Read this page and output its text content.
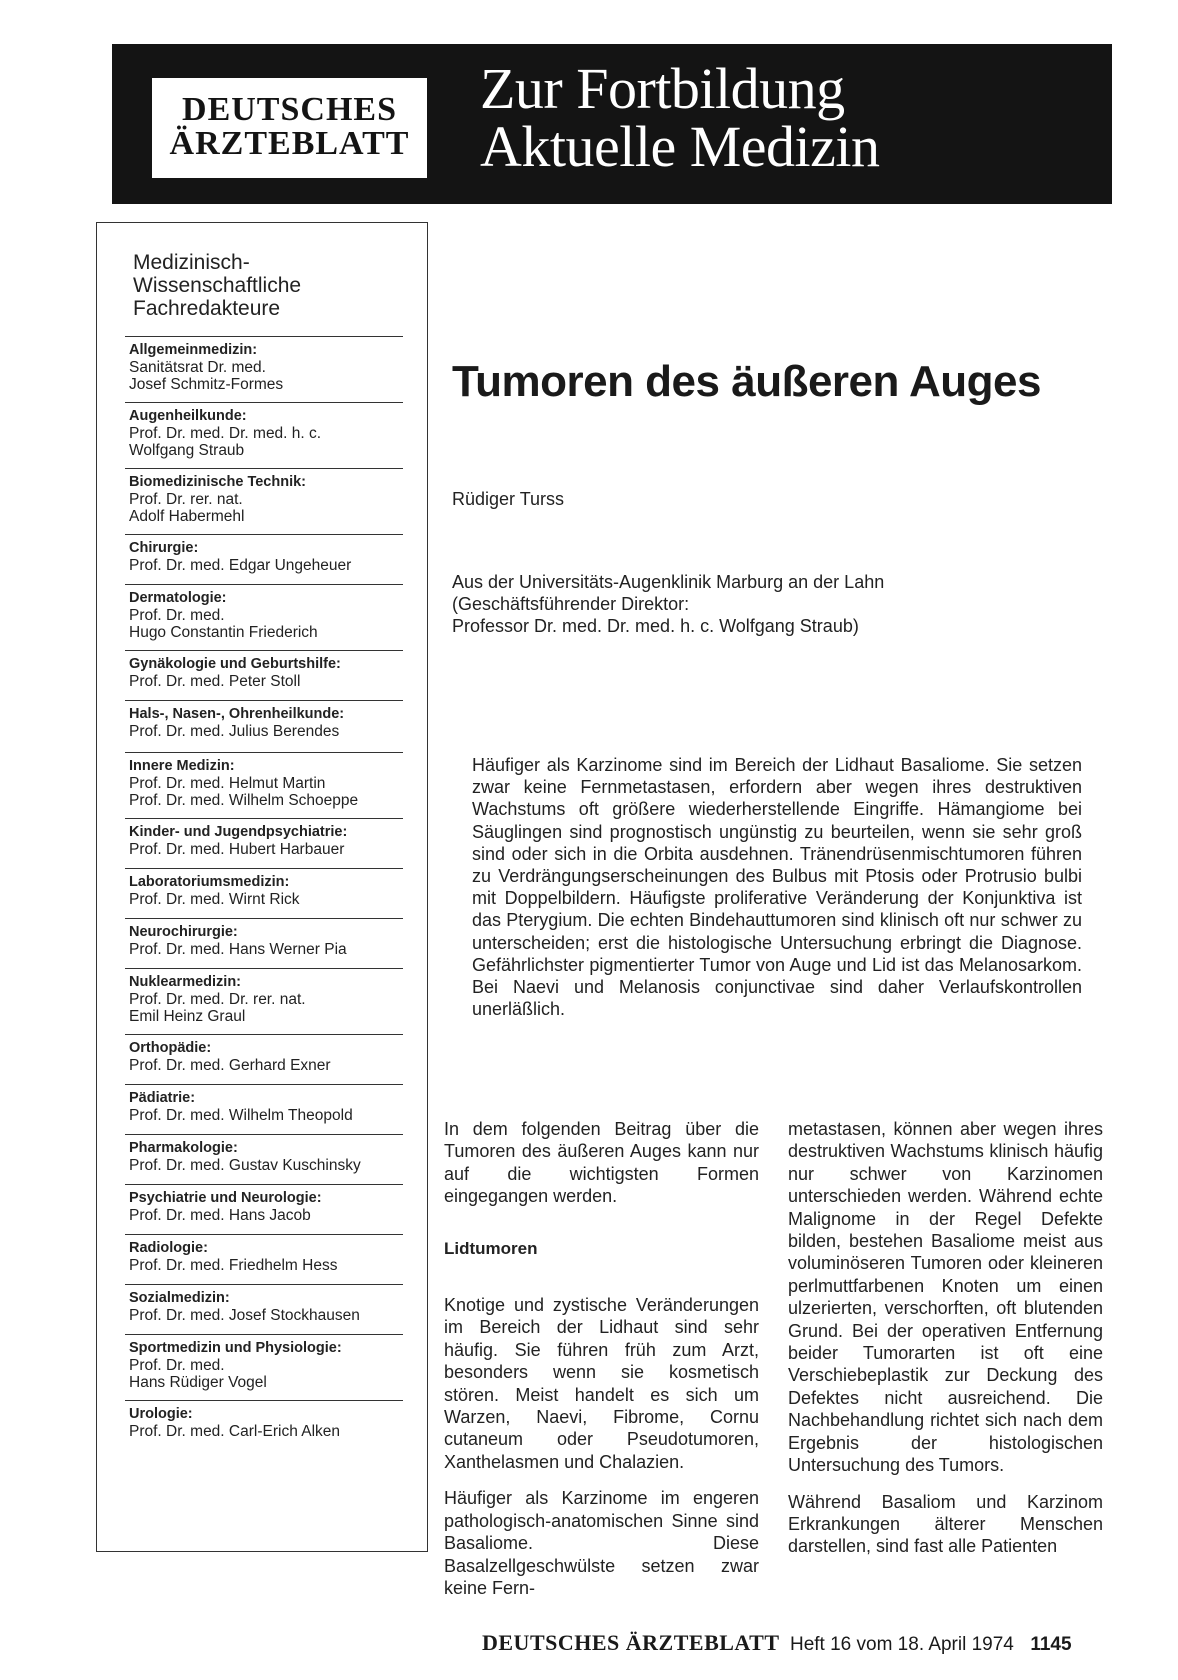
DEUTSCHES
ÄRZTEBLATT
Zur Fortbildung
Aktuelle Medizin
Medizinisch-
Wissenschaftliche
Fachredakteure
Allgemeinmedizin:
Sanitätsrat Dr. med.
Josef Schmitz-Formes
Augenheilkunde:
Prof. Dr. med. Dr. med. h. c.
Wolfgang Straub
Biomedizinische Technik:
Prof. Dr. rer. nat.
Adolf Habermehl
Chirurgie:
Prof. Dr. med. Edgar Ungeheuer
Dermatologie:
Prof. Dr. med.
Hugo Constantin Friederich
Gynäkologie und Geburtshilfe:
Prof. Dr. med. Peter Stoll
Hals-, Nasen-, Ohrenheilkunde:
Prof. Dr. med. Julius Berendes
Innere Medizin:
Prof. Dr. med. Helmut Martin
Prof. Dr. med. Wilhelm Schoeppe
Kinder- und Jugendpsychiatrie:
Prof. Dr. med. Hubert Harbauer
Laboratoriumsmedizin:
Prof. Dr. med. Wirnt Rick
Neurochirurgie:
Prof. Dr. med. Hans Werner Pia
Nuklearmedizin:
Prof. Dr. med. Dr. rer. nat.
Emil Heinz Graul
Orthopädie:
Prof. Dr. med. Gerhard Exner
Pädiatrie:
Prof. Dr. med. Wilhelm Theopold
Pharmakologie:
Prof. Dr. med. Gustav Kuschinsky
Psychiatrie und Neurologie:
Prof. Dr. med. Hans Jacob
Radiologie:
Prof. Dr. med. Friedhelm Hess
Sozialmedizin:
Prof. Dr. med. Josef Stockhausen
Sportmedizin und Physiologie:
Prof. Dr. med.
Hans Rüdiger Vogel
Urologie:
Prof. Dr. med. Carl-Erich Alken
Tumoren des äußeren Auges
Rüdiger Turss
Aus der Universitäts-Augenklinik Marburg an der Lahn
(Geschäftsführender Direktor:
Professor Dr. med. Dr. med. h. c. Wolfgang Straub)

Häufiger als Karzinome sind im Bereich der Lidhaut Basaliome. Sie setzen zwar keine Fernmetastasen, erfordern aber wegen ihres destruktiven Wachstums oft größere wiederherstellende Eingriffe. Hämangiome bei Säuglingen sind prognostisch ungünstig zu beurteilen, wenn sie sehr groß sind oder sich in die Orbita ausdehnen. Tränendrüsenmischtumoren führen zu Verdrängungserscheinungen des Bulbus mit Ptosis oder Protrusio bulbi mit Doppelbildern. Häufigste proliferative Veränderung der Konjunktiva ist das Pterygium. Die echten Bindehauttumoren sind klinisch oft nur schwer zu unterscheiden; erst die histologische Untersuchung erbringt die Diagnose. Gefährlichster pigmentierter Tumor von Auge und Lid ist das Melanosarkom. Bei Naevi und Melanosis conjunctivae sind daher Verlaufskontrollen unerläßlich.

In dem folgenden Beitrag über die Tumoren des äußeren Auges kann nur auf die wichtigsten Formen eingegangen werden.

Lidtumoren

Knotige und zystische Veränderungen im Bereich der Lidhaut sind sehr häufig. Sie führen früh zum Arzt, besonders wenn sie kosmetisch stören. Meist handelt es sich um Warzen, Naevi, Fibrome, Cornu cutaneum oder Pseudotumoren, Xanthelasmen und Chalazien.

Häufiger als Karzinome im engeren pathologisch-anatomischen Sinne sind Basaliome. Diese Basalzellgeschwülste setzen zwar keine Fern-

metastasen, können aber wegen ihres destruktiven Wachstums klinisch häufig nur schwer von Karzinomen unterschieden werden. Während echte Malignome in der Regel Defekte bilden, bestehen Basaliome meist aus voluminöseren Tumoren oder kleineren perlmuttfarbenen Knoten um einen ulzerierten, verschorften, oft blutenden Grund. Bei der operativen Entfernung beider Tumorarten ist oft eine Verschiebeplastik zur Deckung des Defektes nicht ausreichend. Die Nachbehandlung richtet sich nach dem Ergebnis der histologischen Untersuchung des Tumors.

Während Basaliom und Karzinom Erkrankungen älterer Menschen darstellen, sind fast alle Patienten

DEUTSCHES ÄRZTEBLATT Heft 16 vom 18. April 1974 1145
